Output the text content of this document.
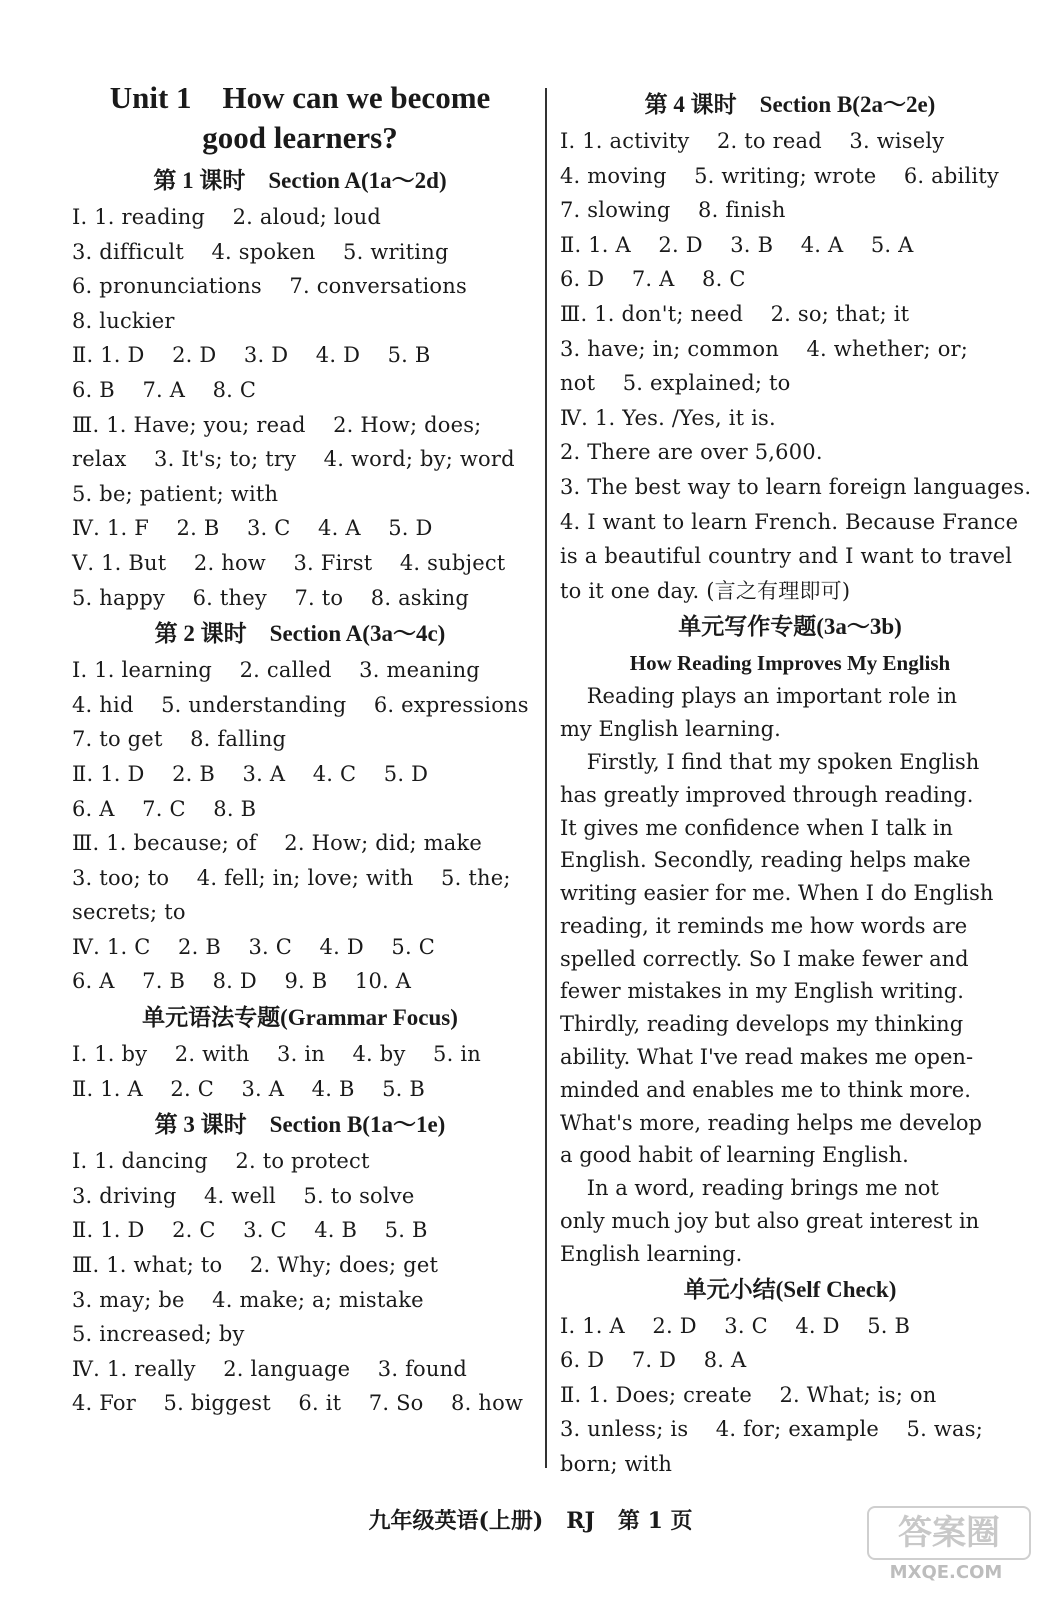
Unit 1    How can we become
good learners?
第 1 课时    Section A(1a～2d)
Ⅰ. 1. reading    2. aloud; loud
3. difficult    4. spoken    5. writing
6. pronunciations    7. conversations
8. luckier
Ⅱ. 1. D    2. D    3. D    4. D    5. B
6. B    7. A    8. C
Ⅲ. 1. Have; you; read    2. How; does;
relax    3. It's; to; try    4. word; by; word
5. be; patient; with
Ⅳ. 1. F    2. B    3. C    4. A    5. D
Ⅴ. 1. But    2. how    3. First    4. subject
5. happy    6. they    7. to    8. asking
第 2 课时    Section A(3a～4c)
Ⅰ. 1. learning    2. called    3. meaning
4. hid    5. understanding    6. expressions
7. to get    8. falling
Ⅱ. 1. D    2. B    3. A    4. C    5. D
6. A    7. C    8. B
Ⅲ. 1. because; of    2. How; did; make
3. too; to    4. fell; in; love; with    5. the;
secrets; to
Ⅳ. 1. C    2. B    3. C    4. D    5. C
6. A    7. B    8. D    9. B    10. A
单元语法专题(Grammar Focus)
Ⅰ. 1. by    2. with    3. in    4. by    5. in
Ⅱ. 1. A    2. C    3. A    4. B    5. B
第 3 课时    Section B(1a～1e)
Ⅰ. 1. dancing    2. to protect
3. driving    4. well    5. to solve
Ⅱ. 1. D    2. C    3. C    4. B    5. B
Ⅲ. 1. what; to    2. Why; does; get
3. may; be    4. make; a; mistake
5. increased; by
Ⅳ. 1. really    2. language    3. found
4. For    5. biggest    6. it    7. So    8. how
第 4 课时    Section B(2a～2e)
Ⅰ. 1. activity    2. to read    3. wisely
4. moving    5. writing; wrote    6. ability
7. slowing    8. finish
Ⅱ. 1. A    2. D    3. B    4. A    5. A
6. D    7. A    8. C
Ⅲ. 1. don't; need    2. so; that; it
3. have; in; common    4. whether; or;
not    5. explained; to
Ⅳ. 1. Yes. /Yes, it is.
2. There are over 5,600.
3. The best way to learn foreign languages.
4. I want to learn French. Because France
is a beautiful country and I want to travel
to it one day. (言之有理即可)
单元写作专题(3a～3b)
How Reading Improves My English
Reading plays an important role in
my English learning.
Firstly, I find that my spoken English
has greatly improved through reading.
It gives me confidence when I talk in
English. Secondly, reading helps make
writing easier for me. When I do English
reading, it reminds me how words are
spelled correctly. So I make fewer and
fewer mistakes in my English writing.
Thirdly, reading develops my thinking
ability. What I've read makes me open-
minded and enables me to think more.
What's more, reading helps me develop
a good habit of learning English.
In a word, reading brings me not
only much joy but also great interest in
English learning.
单元小结(Self Check)
Ⅰ. 1. A    2. D    3. C    4. D    5. B
6. D    7. D    8. A
Ⅱ. 1. Does; create    2. What; is; on
3. unless; is    4. for; example    5. was;
born; with
九年级英语(上册)   RJ   第 1 页	答案圈
MXQE.COM
